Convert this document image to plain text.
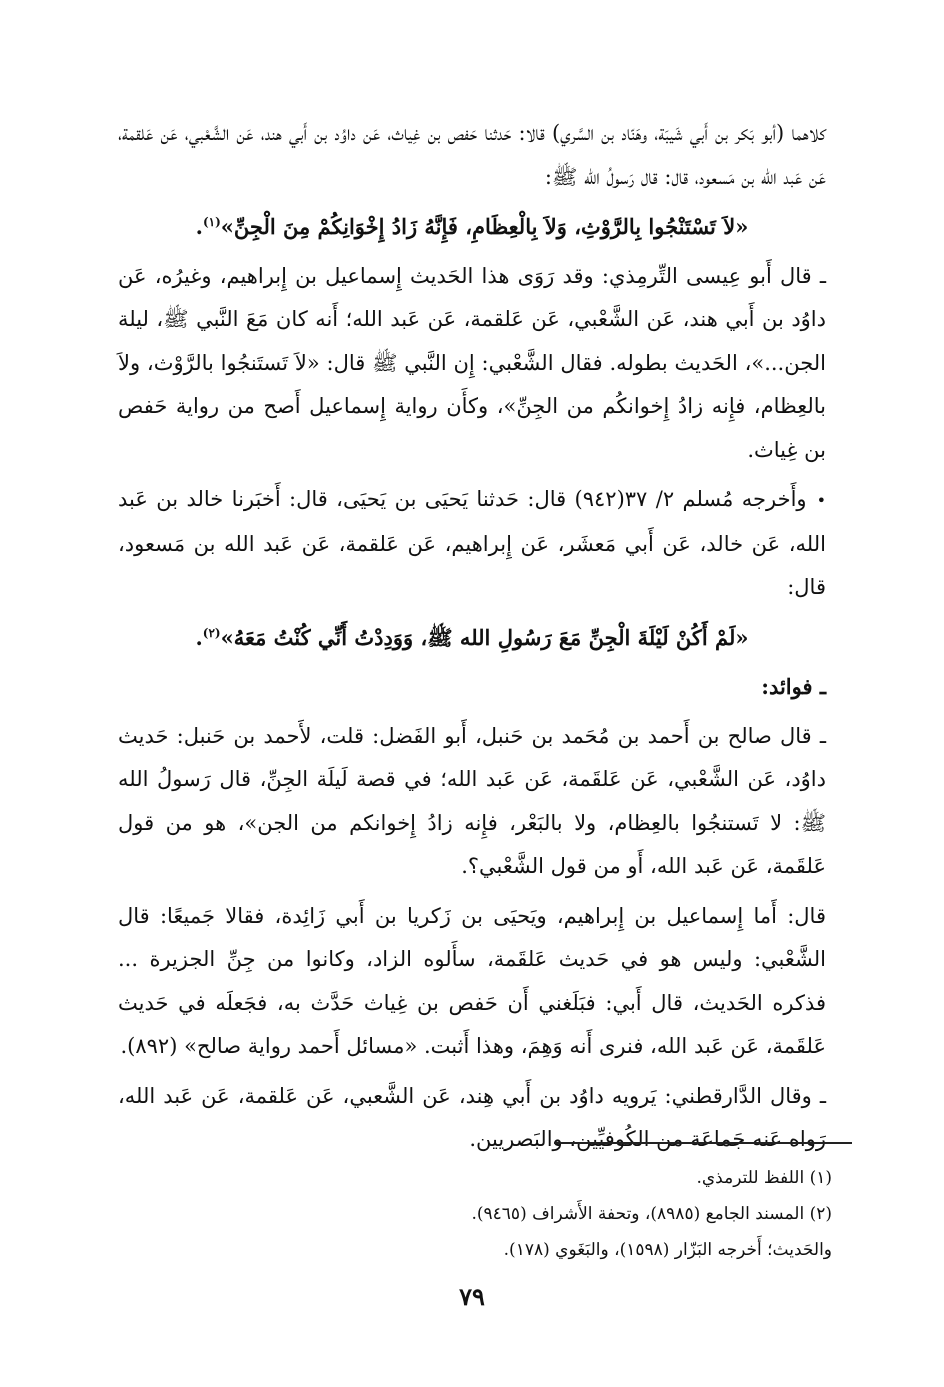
كلاهما (أبو بَكر بن أَبي شَيبَة، وهَنّاد بن السَّري) قالا: حَدثنا حَفص بن غِياث، عَن داوُد بن أَبي هند، عَن الشَّعْبي، عَن عَلقمة، عَن عَبد الله بن مَسعود، قال: قال رَسولُ الله ﷺ:

«لاَ تَسْتَنْجُوا بِالرَّوْثِ، وَلاَ بِالْعِظَامِ، فَإِنَّهُ زَادُ إِخْوَانِكُمْ مِنَ الْجِنِّ»$^{(١)}$.

ـ قال أَبو عِيسى التِّرمِذي: وقد رَوَى هذا الحَديث إِسماعيل بن إِبراهيم، وغيرُه، عَن داوُد بن أَبي هند، عَن الشَّعْبي، عَن عَلقمة، عَن عَبد الله؛ أَنه كان مَعَ النَّبي ﷺ، ليلة الجن...»، الحَديث بطوله. فقال الشَّعْبي: إِن النَّبي ﷺ قال: «لاَ تَستَنجُوا بالرَّوْث، ولاَ بالعِظام، فإِنه زادُ إِخوانكُم من الجِنِّ»، وكأَن رواية إِسماعيل أَصح من رواية حَفص بن غِياث.

•وأَخرجه مُسلم ٢/ ٣٧(٩٤٢) قال: حَدثنا يَحيَى بن يَحيَى، قال: أَخبَرنا خالد بن عَبد الله، عَن خالد، عَن أَبي مَعشَر، عَن إِبراهيم، عَن عَلقمة، عَن عَبد الله بن مَسعود، قال:

«لَمْ أَكُنْ لَيْلَةَ الْجِنِّ مَعَ رَسُولِ الله ﷺ، وَوَدِدْتُ أَنِّي كُنْتُ مَعَهُ»$^{(٢)}$.

ـ فوائد:

ـ قال صالح بن أَحمد بن مُحَمد بن حَنبل، أَبو الفَضل: قلت، لأَحمد بن حَنبل: حَديث داوُد، عَن الشَّعْبي، عَن عَلقَمة، عَن عَبد الله؛ في قصة لَيلَة الجِنِّ، قال رَسولُ الله ﷺ: لا تَستنجُوا بالعِظام، ولا بالبَعْر، فإِنه زادُ إِخوانكم من الجن»، هو من قول عَلقَمة، عَن عَبد الله، أَو من قول الشَّعْبي؟.

قال: أَما إِسماعيل بن إِبراهيم، ويَحيَى بن زَكريا بن أَبي زَائِدة، فقالا جَميعًا: قال الشَّعْبي: وليس هو في حَديث عَلقَمة، سأَلوه الزاد، وكانوا من جِنِّ الجزيرة ... فذكره الحَديث، قال أَبي: فبَلَغني أَن حَفص بن غِياث حَدَّث به، فجَعلَه في حَديث عَلقَمة، عَن عَبد الله، فنرى أَنه وَهِمَ، وهذا أَثبت. «مسائل أَحمد رواية صالح» (٨٩٢).

ـ وقال الدَّارقطني: يَرويه داوُد بن أَبي هِند، عَن الشَّعبي، عَن عَلقمة، عَن عَبد الله، رَواه عَنه جَماعَة من الكُوفيِّين، والبَصريين.

(١) اللفظ للترمذي.
(٢) المسند الجامع (٨٩٨٥)، وتحفة الأَشراف (٩٤٦٥).
والحَديث؛ أَخرجه البَزّار (١٥٩٨)، والبَغَوي (١٧٨).
٧٩
